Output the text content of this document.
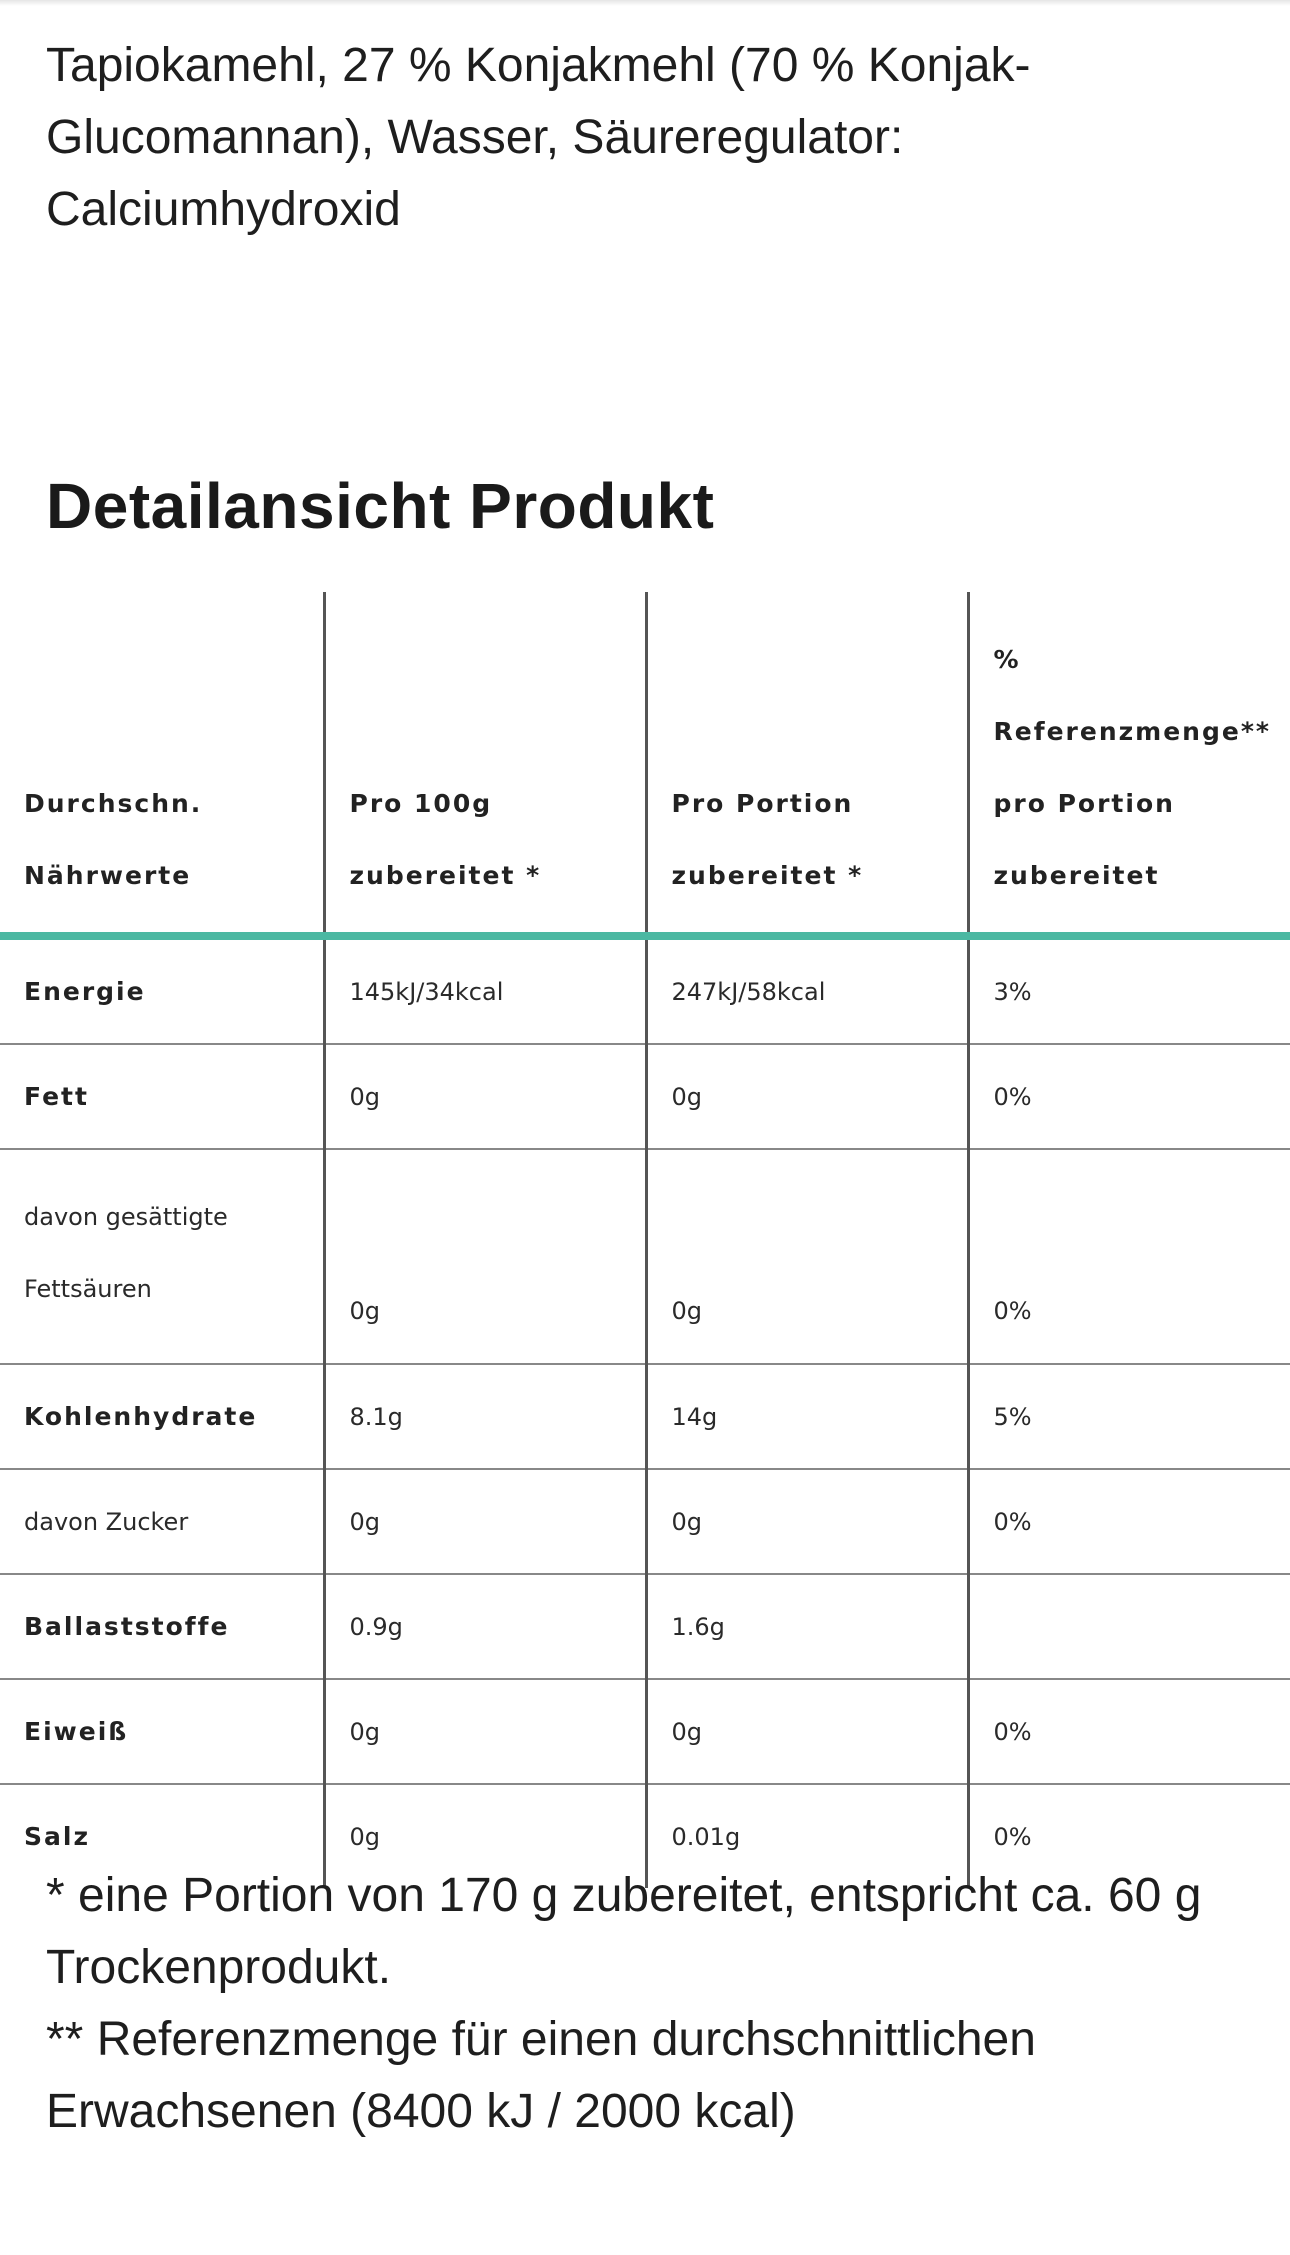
Tapiokamehl, 27 % Konjakmehl (70 % Konjak-Glucomannan), Wasser, Säureregulator: Calciumhydroxid

Detailansicht Produkt
Durchschn. Nährwerte	Pro 100g zubereitet *	Pro Portion zubereitet *	% Referenzmenge** pro Portion zubereitet
Energie	145kJ/34kcal	247kJ/58kcal	3%
Fett	0g	0g	0%
davon gesättigte Fettsäuren	0g	0g	0%
Kohlenhydrate	8.1g	14g	5%
davon Zucker	0g	0g	0%
Ballaststoffe	0.9g	1.6g	
Eiweiß	0g	0g	0%
Salz	0g	0.01g	0%

* eine Portion von 170 g zubereitet, entspricht ca. 60 g Trockenprodukt.

** Referenzmenge für einen durchschnittlichen Erwachsenen (8400 kJ / 2000 kcal)
